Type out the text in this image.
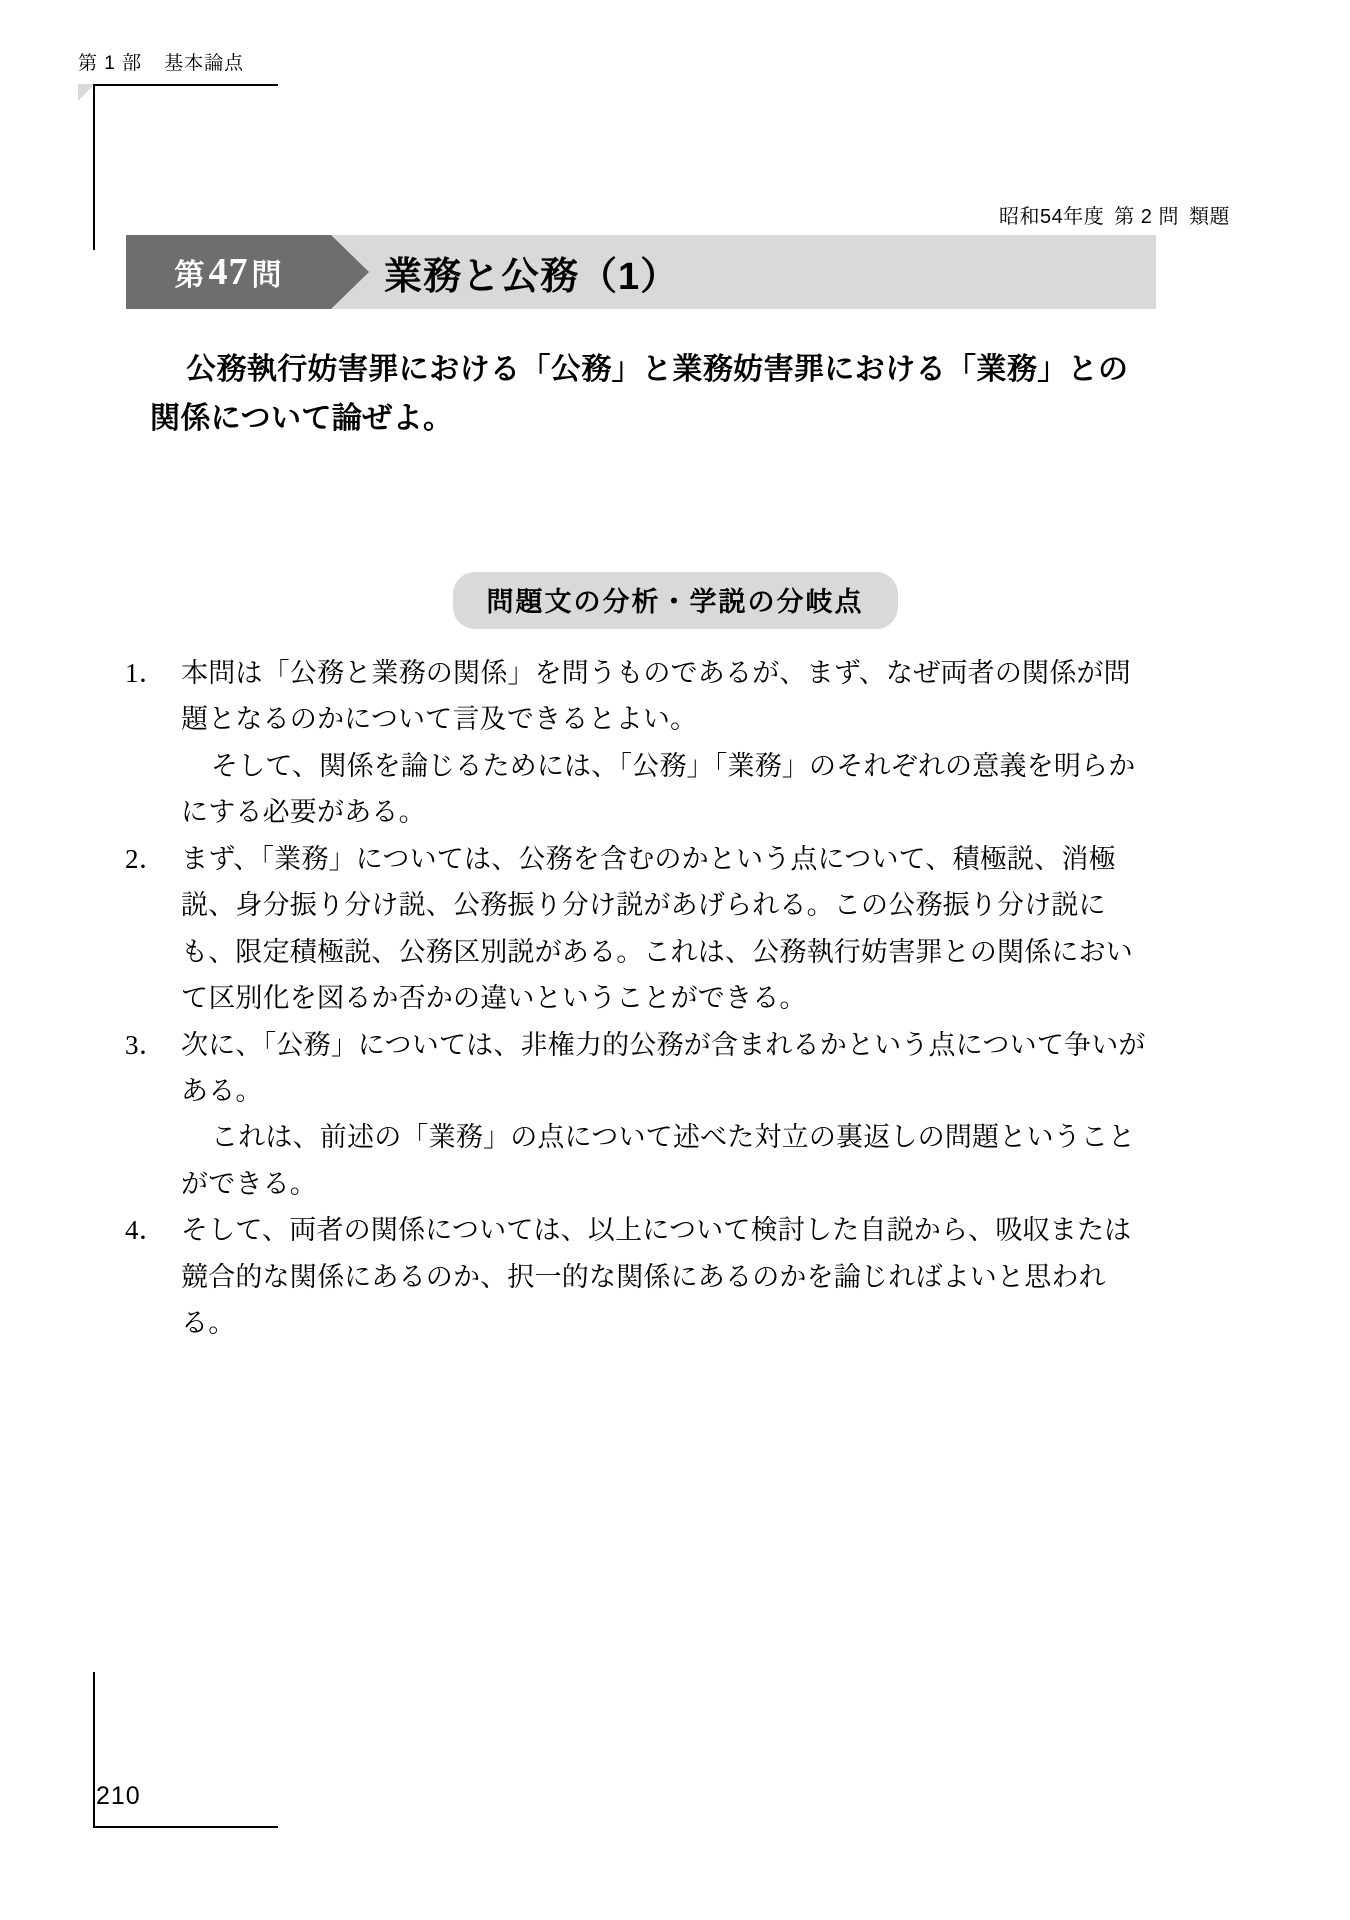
第 1 部 基本論点
昭和54年度 第 2 問 類題
第 47 問	業務と公務（1）
公務執行妨害罪における「公務」と業務妨害罪における「業務」との関係について論ぜよ。
問題文の分析・学説の分岐点
1． 本問は「公務と業務の関係」を問うものであるが、まず、なぜ両者の関係が問題となるのかについて言及できるとよい。

そして、関係を論じるためには、「公務」「業務」のそれぞれの意義を明らかにする必要がある。

2． まず、「業務」については、公務を含むのかという点について、積極説、消極説、身分振り分け説、公務振り分け説があげられる。この公務振り分け説にも、限定積極説、公務区別説がある。これは、公務執行妨害罪との関係において区別化を図るか否かの違いということができる。

3． 次に、「公務」については、非権力的公務が含まれるかという点について争いがある。

これは、前述の「業務」の点について述べた対立の裏返しの問題ということができる。

4． そして、両者の関係については、以上について検討した自説から、吸収または競合的な関係にあるのか、択一的な関係にあるのかを論じればよいと思われる。

210
